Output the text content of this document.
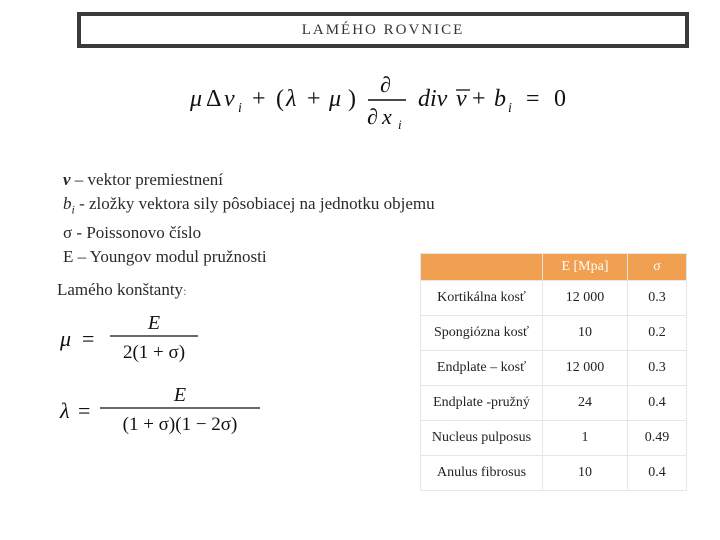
LAMÉHO ROVNICE
μ Δ v i + ( λ + μ )
∂
∂ x i
div v + b i = 0
v – vektor premiestnení
$b_i$ - zložky vektora sily pôsobiacej na jednotku objemu
σ - Poissonovo číslo
E – Youngov modul pružnosti
Lamého konštanty:
μ =
E
2(1 + σ)
λ =
E
(1 + σ)(1 − 2σ)
	E [Mpa]	σ
Kortikálna kosť	12 000	0.3
Spongiózna kosť	10	0.2
Endplate – kosť	12 000	0.3
Endplate -pružný	24	0.4
Nucleus pulposus	1	0.49
Anulus fibrosus	10	0.4
